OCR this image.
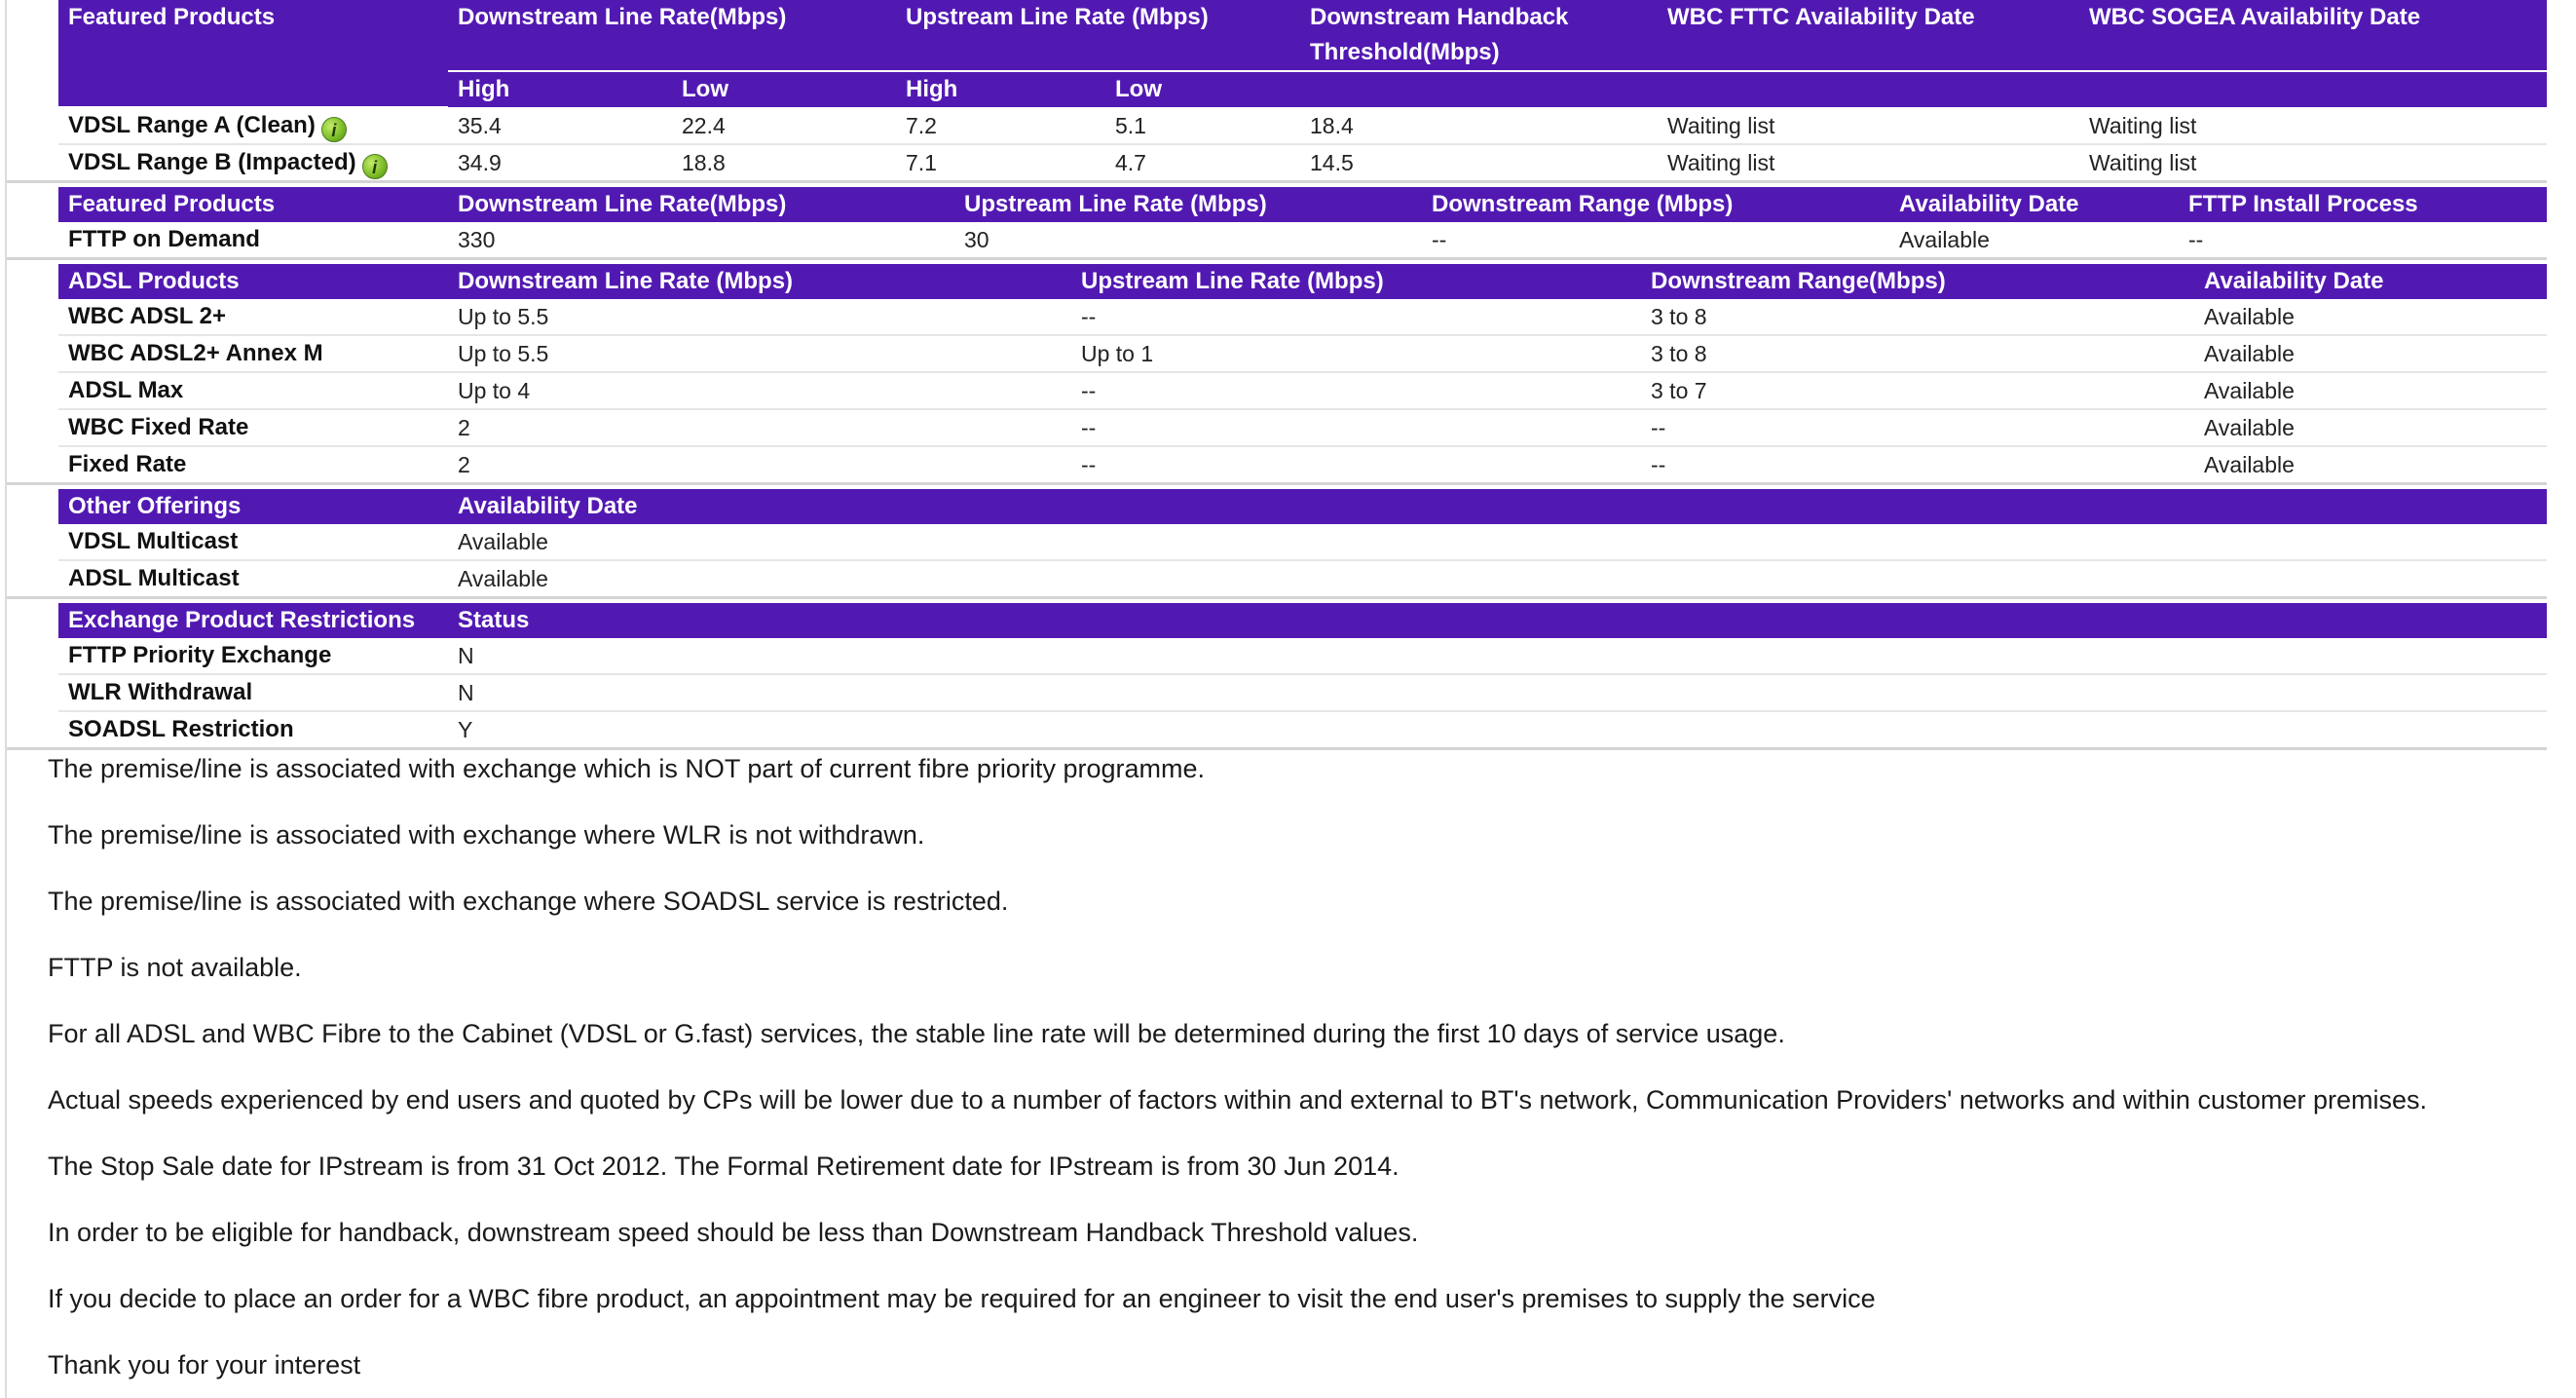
Featured Products	Downstream Line Rate(Mbps)		Upstream Line Rate (Mbps)		Downstream Handback Threshold(Mbps)	WBC FTTC Availability Date	WBC SOGEA Availability Date
	High	Low	High	Low			
VDSL Range A (Clean) i	35.4	22.4	7.2	5.1	18.4	Waiting list	Waiting list
VDSL Range B (Impacted) i	34.9	18.8	7.1	4.7	14.5	Waiting list	Waiting list
Featured Products	Downstream Line Rate(Mbps)	Upstream Line Rate (Mbps)	Downstream Range (Mbps)	Availability Date	FTTP Install Process
FTTP on Demand	330	30	--	Available	--
ADSL Products	Downstream Line Rate (Mbps)	Upstream Line Rate (Mbps)	Downstream Range(Mbps)	Availability Date
WBC ADSL 2+	Up to 5.5	--	3 to 8	Available
WBC ADSL2+ Annex M	Up to 5.5	Up to 1	3 to 8	Available
ADSL Max	Up to 4	--	3 to 7	Available
WBC Fixed Rate	2	--	--	Available
Fixed Rate	2	--	--	Available
Other Offerings	Availability Date
VDSL Multicast	Available
ADSL Multicast	Available
Exchange Product Restrictions	Status
FTTP Priority Exchange	N
WLR Withdrawal	N
SOADSL Restriction	Y

The premise/line is associated with exchange which is NOT part of current fibre priority programme.

The premise/line is associated with exchange where WLR is not withdrawn.

The premise/line is associated with exchange where SOADSL service is restricted.

FTTP is not available.

For all ADSL and WBC Fibre to the Cabinet (VDSL or G.fast) services, the stable line rate will be determined during the first 10 days of service usage.

Actual speeds experienced by end users and quoted by CPs will be lower due to a number of factors within and external to BT's network, Communication Providers' networks and within customer premises.

The Stop Sale date for IPstream is from 31 Oct 2012. The Formal Retirement date for IPstream is from 30 Jun 2014.

In order to be eligible for handback, downstream speed should be less than Downstream Handback Threshold values.

If you decide to place an order for a WBC fibre product, an appointment may be required for an engineer to visit the end user's premises to supply the service

Thank you for your interest
